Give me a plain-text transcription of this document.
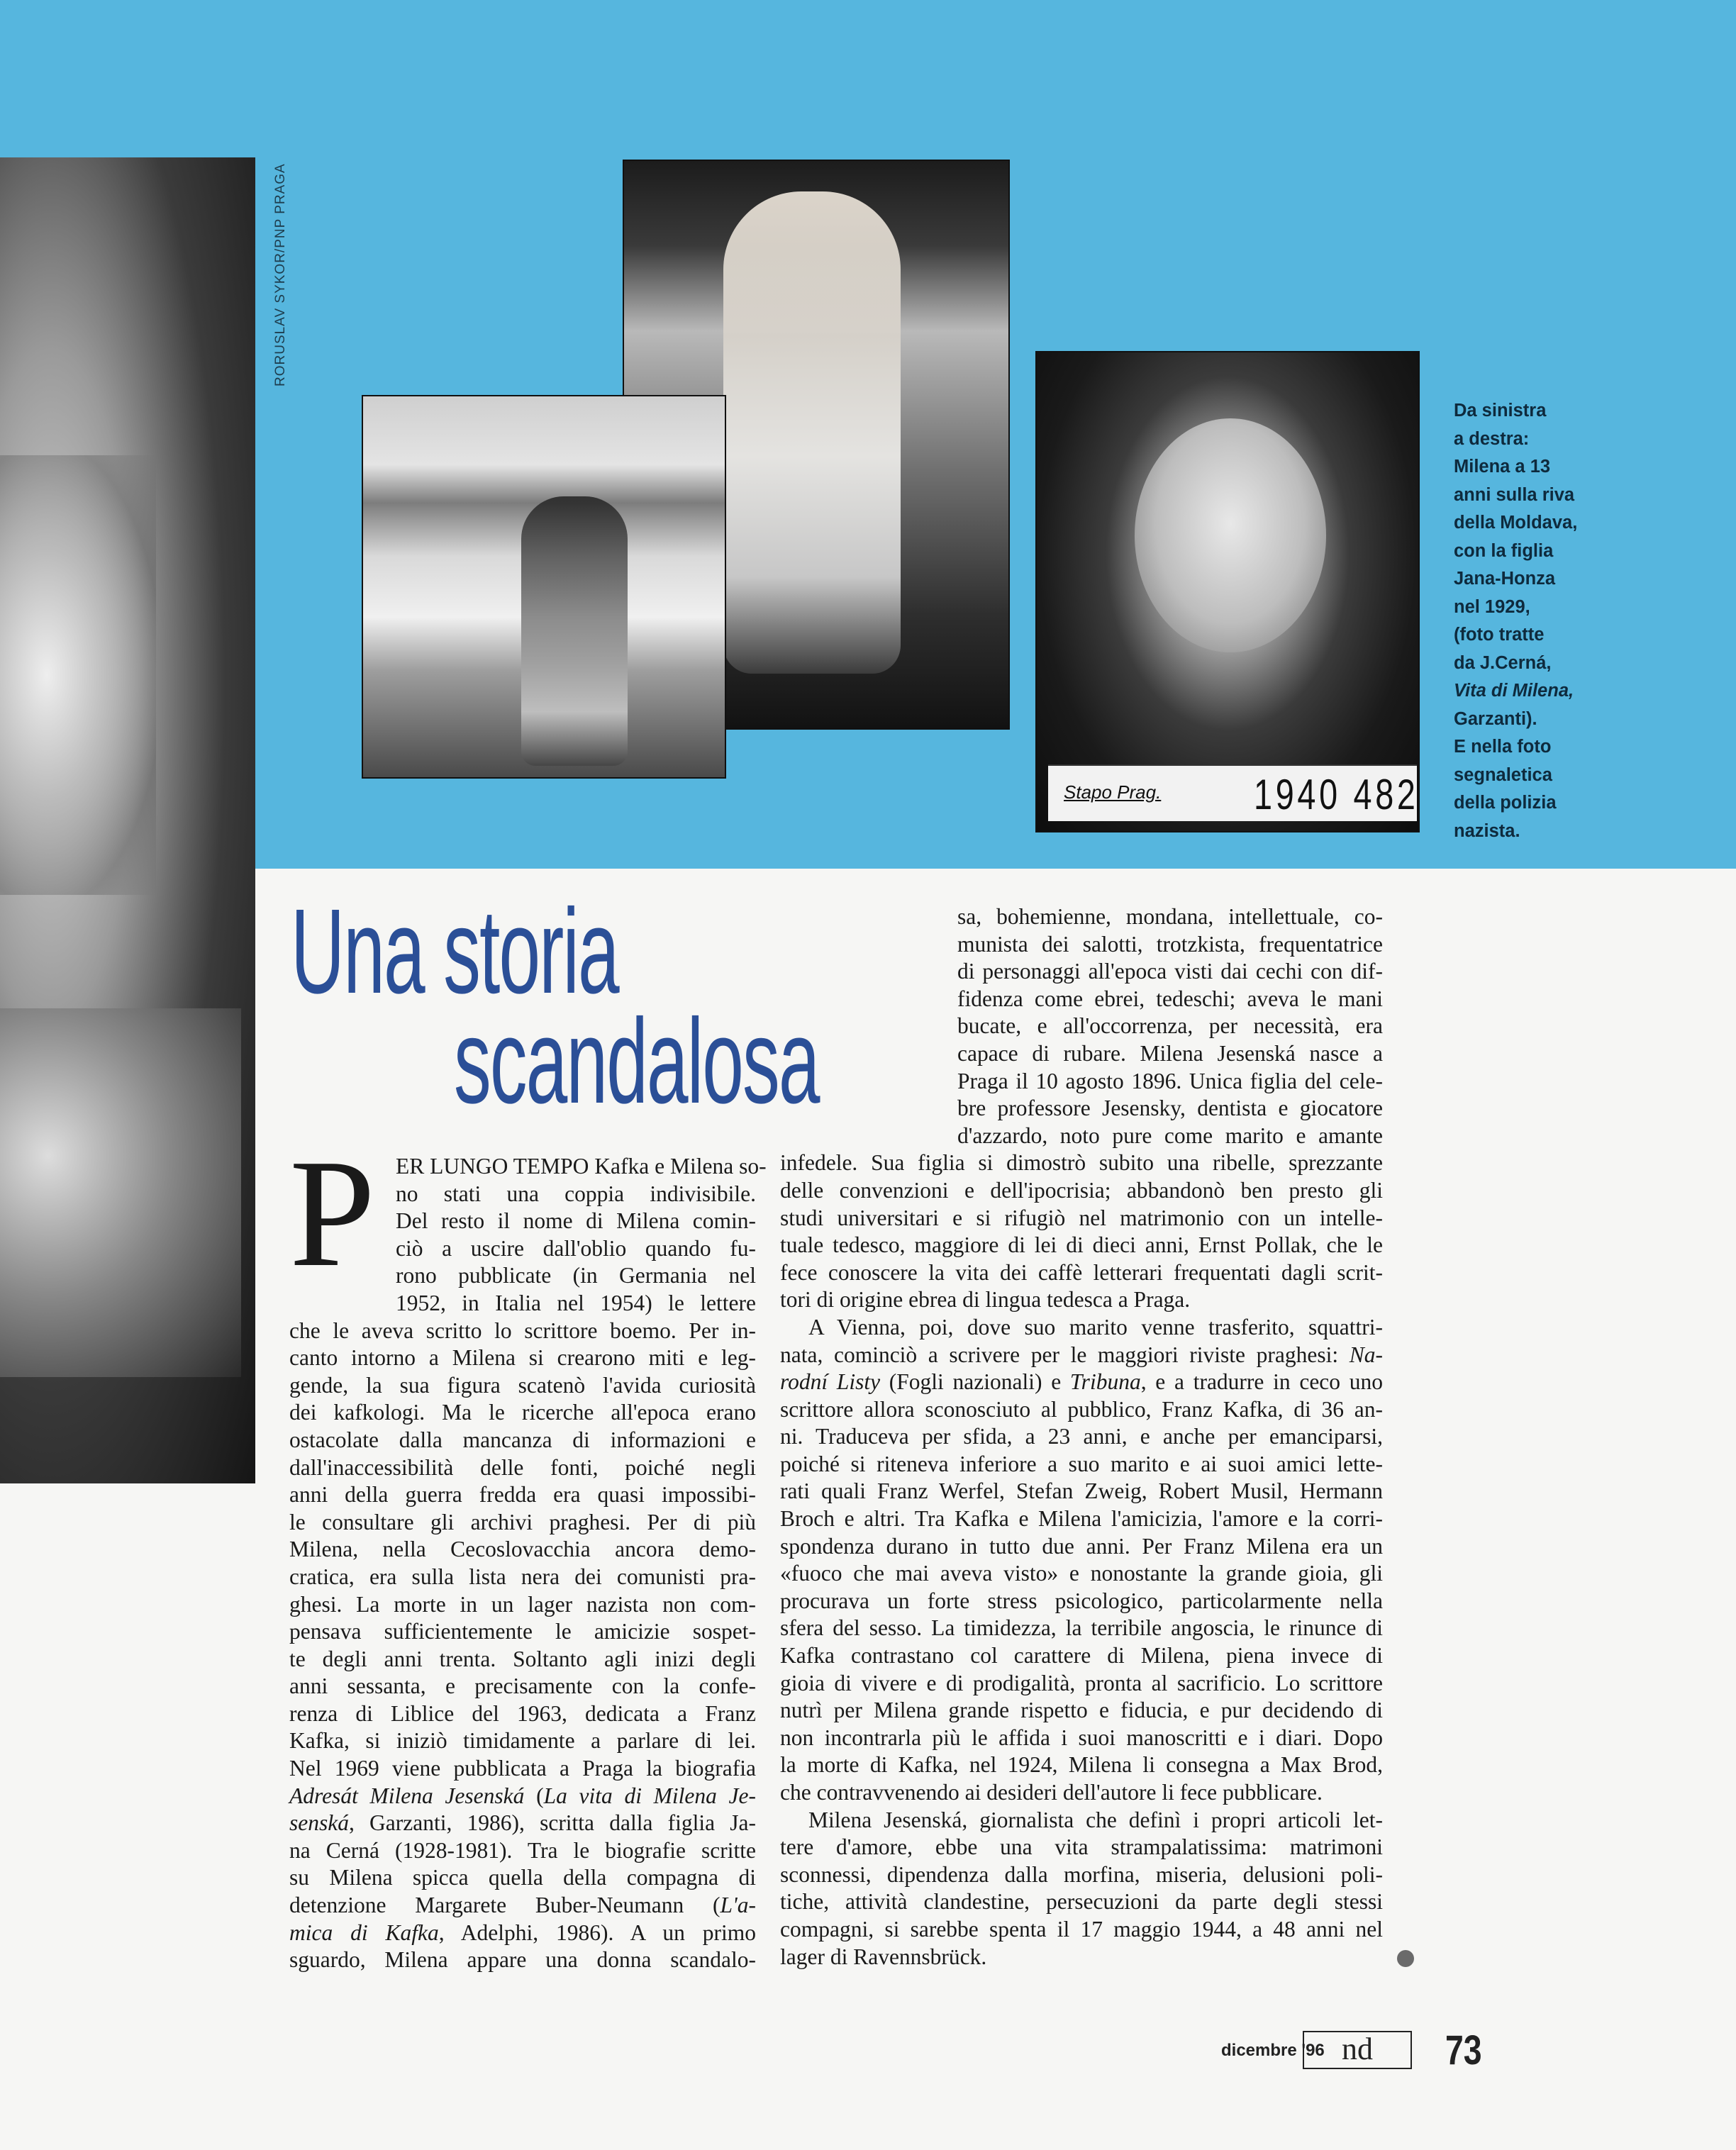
RORUSLAV SYKOR/PNP PRAGA
Stapo Prag. 1940 482
Da sinistra
a destra:
Milena a 13
anni sulla riva
della Moldava,
con la figlia
Jana-Honza
nel 1929,
(foto tratte
da J.Cerná,
Vita di Milena,
Garzanti).
E nella foto
segnaletica
della polizia
nazista.
Una storia
scandalosa
P ER LUNGO TEMPO Kafka e Milena so-
no stati una coppia indivisibile.
Del resto il nome di Milena comin-
ciò a uscire dall'oblio quando fu-
rono pubblicate (in Germania nel
1952, in Italia nel 1954) le lettere
che le aveva scritto lo scrittore boemo. Per in-
canto intorno a Milena si crearono miti e leg-
gende, la sua figura scatenò l'avida curiosità
dei kafkologi. Ma le ricerche all'epoca erano
ostacolate dalla mancanza di informazioni e
dall'inaccessibilità delle fonti, poiché negli
anni della guerra fredda era quasi impossibi-
le consultare gli archivi praghesi. Per di più
Milena, nella Cecoslovacchia ancora demo-
cratica, era sulla lista nera dei comunisti pra-
ghesi. La morte in un lager nazista non com-
pensava sufficientemente le amicizie sospet-
te degli anni trenta. Soltanto agli inizi degli
anni sessanta, e precisamente con la confe-
renza di Liblice del 1963, dedicata a Franz
Kafka, si iniziò timidamente a parlare di lei.
Nel 1969 viene pubblicata a Praga la biografia
Adresát Milena Jesenská (La vita di Milena Je-
senská, Garzanti, 1986), scritta dalla figlia Ja-
na Cerná (1928-1981). Tra le biografie scritte
su Milena spicca quella della compagna di
detenzione Margarete Buber-Neumann (L'a-
mica di Kafka, Adelphi, 1986). A un primo
sguardo, Milena appare una donna scandalo-
sa, bohemienne, mondana, intellettuale, co-
munista dei salotti, trotzkista, frequentatrice
di personaggi all'epoca visti dai cechi con dif-
fidenza come ebrei, tedeschi; aveva le mani
bucate, e all'occorrenza, per necessità, era
capace di rubare. Milena Jesenská nasce a
Praga il 10 agosto 1896. Unica figlia del cele-
bre professore Jesensky, dentista e giocatore
d'azzardo, noto pure come marito e amante
infedele. Sua figlia si dimostrò subito una ribelle, sprezzante
delle convenzioni e dell'ipocrisia; abbandonò ben presto gli
studi universitari e si rifugiò nel matrimonio con un intelle-
tuale tedesco, maggiore di lei di dieci anni, Ernst Pollak, che le
fece conoscere la vita dei caffè letterari frequentati dagli scrit-
tori di origine ebrea di lingua tedesca a Praga.
A Vienna, poi, dove suo marito venne trasferito, squattri-
nata, cominciò a scrivere per le maggiori riviste praghesi: Na-
rodní Listy (Fogli nazionali) e Tribuna, e a tradurre in ceco uno
scrittore allora sconosciuto al pubblico, Franz Kafka, di 36 an-
ni. Traduceva per sfida, a 23 anni, e anche per emanciparsi,
poiché si riteneva inferiore a suo marito e ai suoi amici lette-
rati quali Franz Werfel, Stefan Zweig, Robert Musil, Hermann
Broch e altri. Tra Kafka e Milena l'amicizia, l'amore e la corri-
spondenza durano in tutto due anni. Per Franz Milena era un
«fuoco che mai aveva visto» e nonostante la grande gioia, gli
procurava un forte stress psicologico, particolarmente nella
sfera del sesso. La timidezza, la terribile angoscia, le rinunce di
Kafka contrastano col carattere di Milena, piena invece di
gioia di vivere e di prodigalità, pronta al sacrificio. Lo scrittore
nutrì per Milena grande rispetto e fiducia, e pur decidendo di
non incontrarla più le affida i suoi manoscritti e i diari. Dopo
la morte di Kafka, nel 1924, Milena li consegna a Max Brod,
che contravvenendo ai desideri dell'autore li fece pubblicare.
Milena Jesenská, giornalista che definì i propri articoli let-
tere d'amore, ebbe una vita strampalatissima: matrimoni
sconnessi, dipendenza dalla morfina, miseria, delusioni poli-
tiche, attività clandestine, persecuzioni da parte degli stessi
compagni, si sarebbe spenta il 17 maggio 1944, a 48 anni nel
lager di Ravennsbrück.
dicembre '96 nd	73
